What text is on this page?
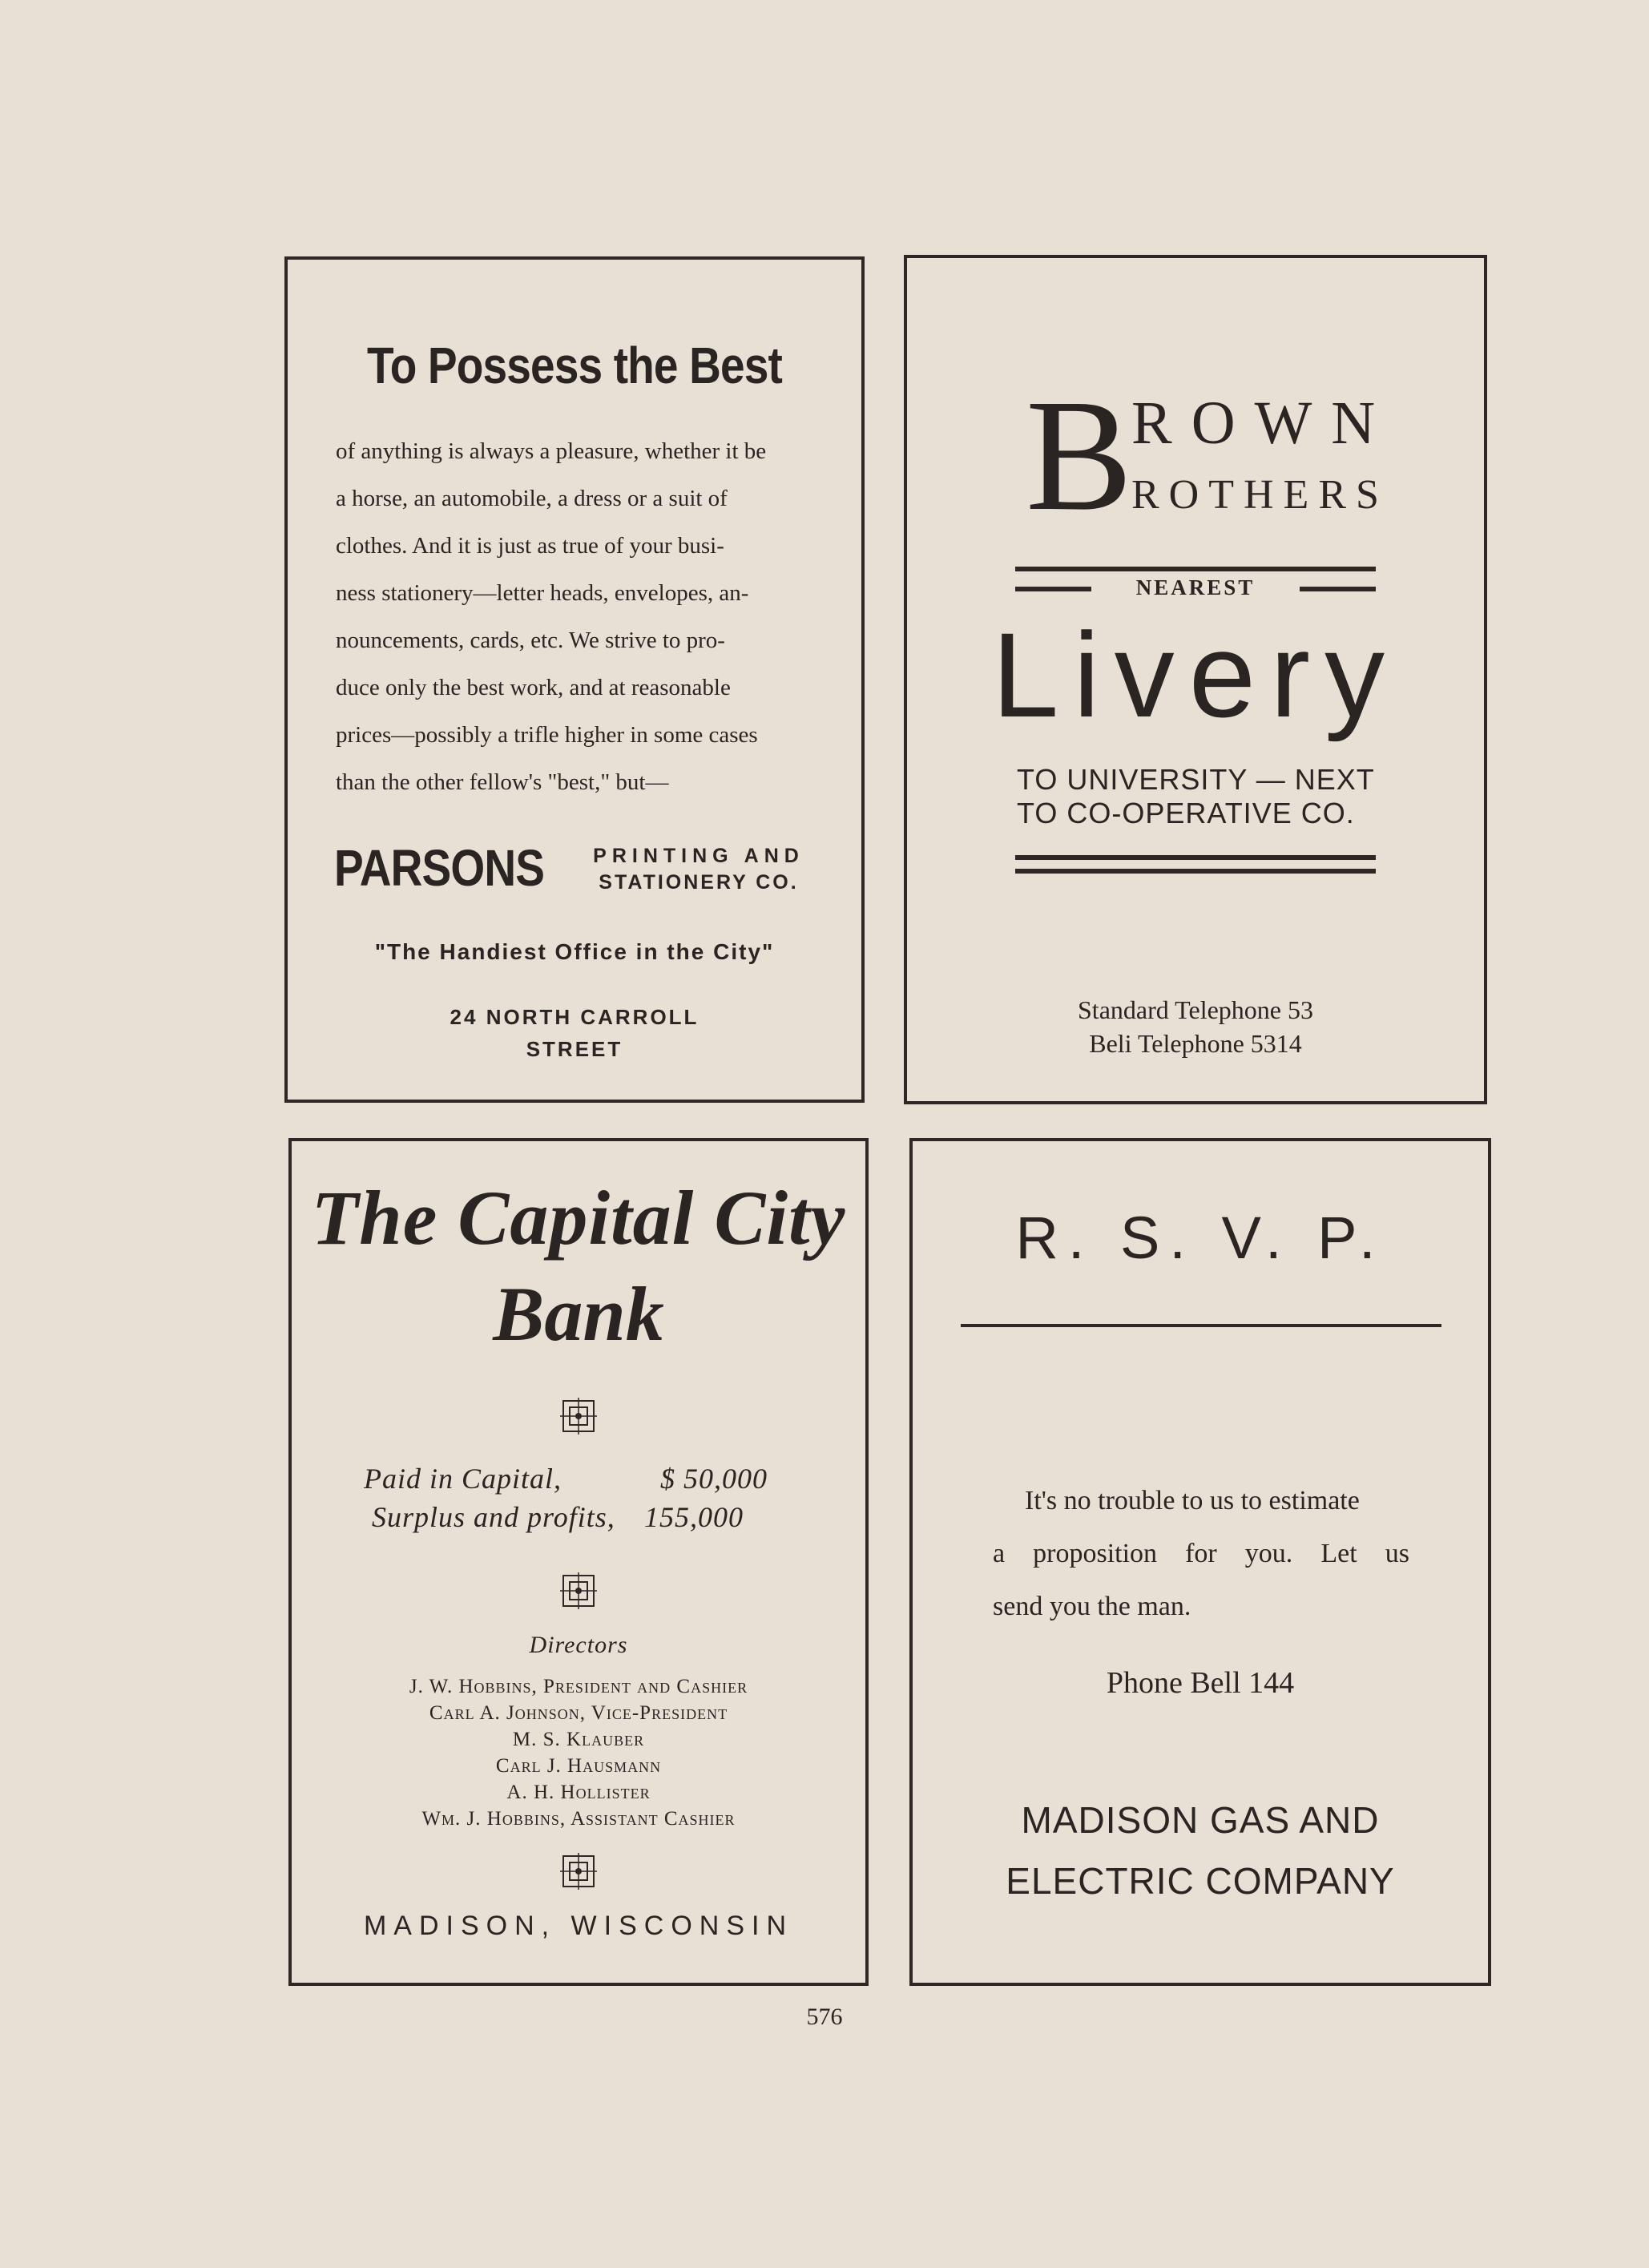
To Possess the Best

of anything is always a pleasure, whether it be

a horse, an automobile, a dress or a suit of

clothes. And it is just as true of your busi-

ness stationery—letter heads, envelopes, an-

nouncements, cards, etc. We strive to pro-

duce only the best work, and at reasonable

prices—possibly a trifle higher in some cases

than the other fellow's "best," but—

PARSONS	PRINTING AND
STATIONERY CO.
"The Handiest Office in the City"
24 NORTH CARROLL
STREET
B
ROWN
ROTHERS
NEAREST
Livery
TO UNIVERSITY — NEXT
TO CO-OPERATIVE CO.
Standard Telephone 53
Beli Telephone 5314
The Capital City
Bank
Paid in Capital,	$ 50,000
Surplus and profits, 155,000
Directors
J. W. Hobbins, President and Cashier
Carl A. Johnson, Vice-President
M. S. Klauber
Carl J. Hausmann
A. H. Hollister
Wm. J. Hobbins, Assistant Cashier
MADISON, WISCONSIN
R. S. V. P.
It's no trouble to us to estimate
a proposition for you. Let us
send you the man.
Phone Bell 144
MADISON GAS AND
ELECTRIC COMPANY
576
